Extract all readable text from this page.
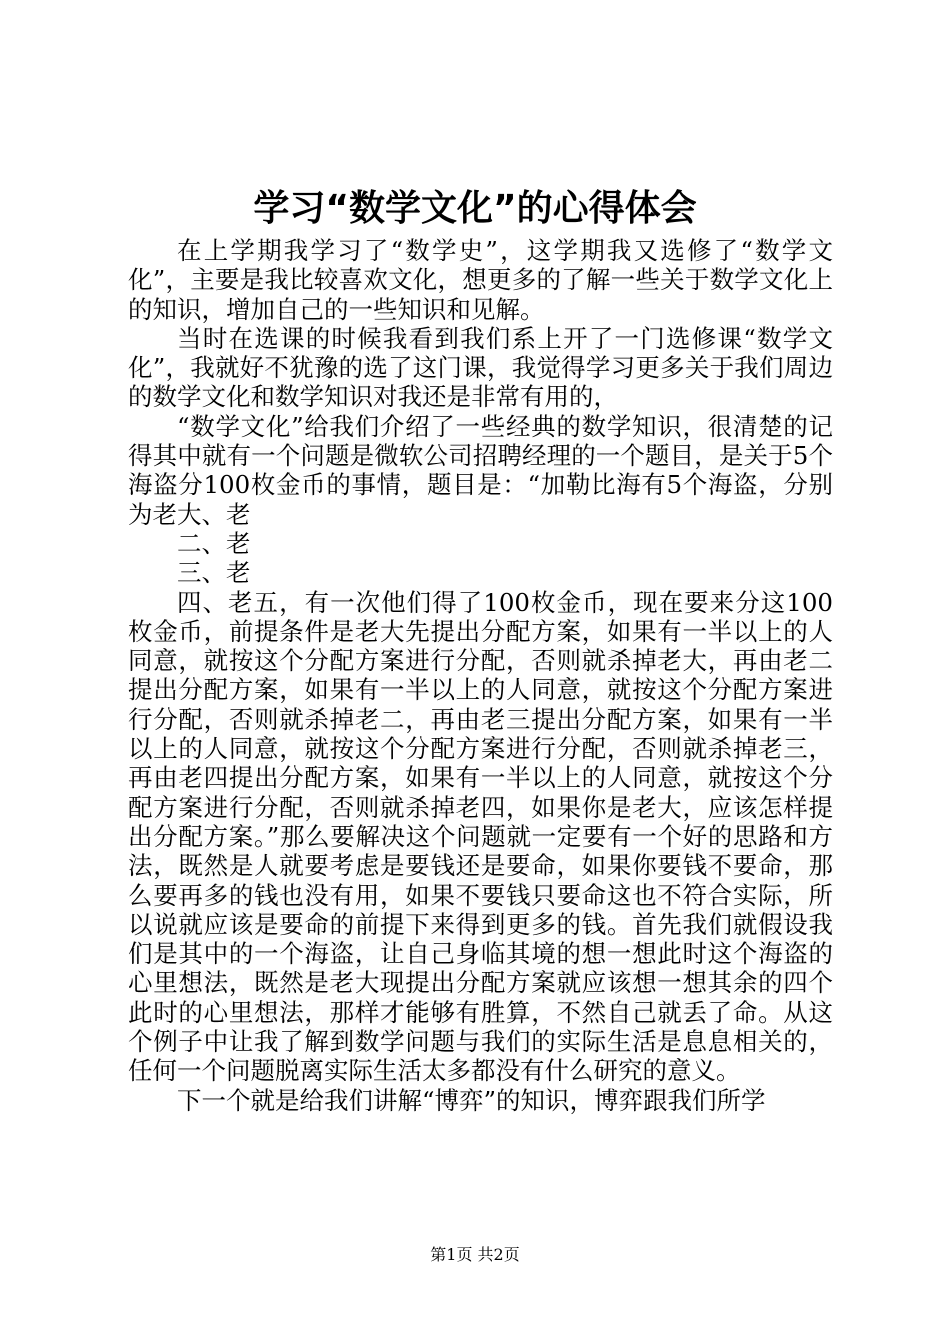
学习“数学文化”的心得体会

在上学期我学习了“数学史”，这学期我又选修了“数学文化”，主要是我比较喜欢文化，想更多的了解一些关于数学文化上的知识，增加自己的一些知识和见解。

当时在选课的时候我看到我们系上开了一门选修课“数学文化”，我就好不犹豫的选了这门课，我觉得学习更多关于我们周边的数学文化和数学知识对我还是非常有用的，

“数学文化”给我们介绍了一些经典的数学知识，很清楚的记得其中就有一个问题是微软公司招聘经理的一个题目，是关于5个海盗分100枚金币的事情，题目是：“加勒比海有5个海盗，分别为老大、老

二、老

三、老

四、老五，有一次他们得了100枚金币，现在要来分这100枚金币，前提条件是老大先提出分配方案，如果有一半以上的人同意，就按这个分配方案进行分配，否则就杀掉老大，再由老二提出分配方案，如果有一半以上的人同意，就按这个分配方案进行分配，否则就杀掉老二，再由老三提出分配方案，如果有一半以上的人同意，就按这个分配方案进行分配，否则就杀掉老三，再由老四提出分配方案，如果有一半以上的人同意，就按这个分配方案进行分配，否则就杀掉老四，如果你是老大，应该怎样提出分配方案。”那么要解决这个问题就一定要有一个好的思路和方法，既然是人就要考虑是要钱还是要命，如果你要钱不要命，那么要再多的钱也没有用，如果不要钱只要命这也不符合实际，所以说就应该是要命的前提下来得到更多的钱。首先我们就假设我们是其中的一个海盗，让自己身临其境的想一想此时这个海盗的心里想法，既然是老大现提出分配方案就应该想一想其余的四个此时的心里想法，那样才能够有胜算，不然自己就丢了命。从这个例子中让我了解到数学问题与我们的实际生活是息息相关的，任何一个问题脱离实际生活太多都没有什么研究的意义。

下一个就是给我们讲解“博弈”的知识，博弈跟我们所学

第1页 共2页
